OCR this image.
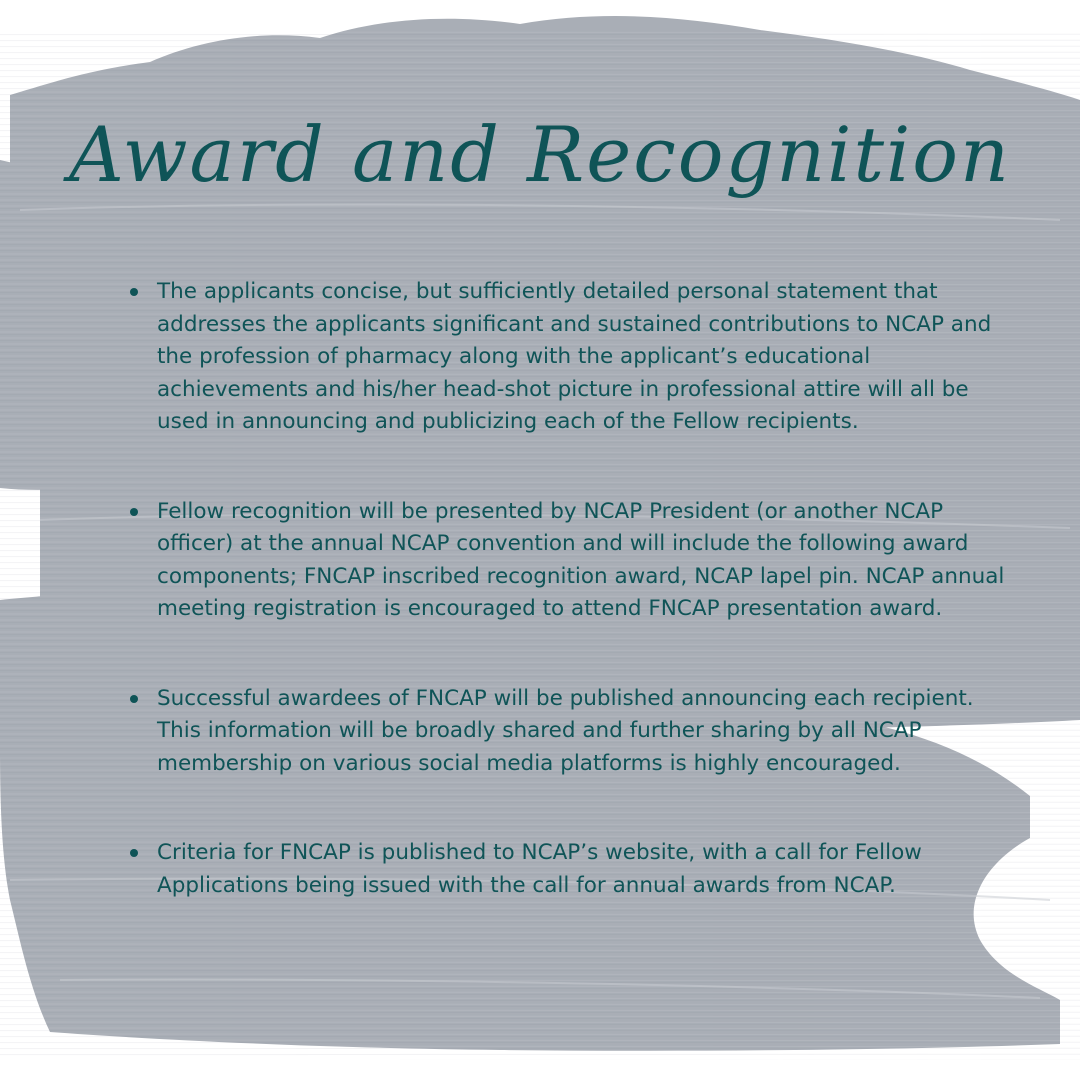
Award and Recognition
The applicants concise, but sufficiently detailed personal statement that addresses the applicants significant and sustained contributions to NCAP and the profession of pharmacy along with the applicant’s educational achievements and his/her head-shot picture in professional attire will all be used in announcing and publicizing each of the Fellow recipients.
Fellow recognition will be presented by NCAP President (or another NCAP officer) at the annual NCAP convention and will include the following award components; FNCAP inscribed recognition award, NCAP lapel pin. NCAP annual meeting registration is encouraged to attend FNCAP presentation award.
Successful awardees of FNCAP will be published announcing each recipient. This information will be broadly shared and further sharing by all NCAP membership on various social media platforms is highly encouraged.
Criteria for FNCAP is published to NCAP’s website, with a call for Fellow Applications being issued with the call for annual awards from NCAP.
